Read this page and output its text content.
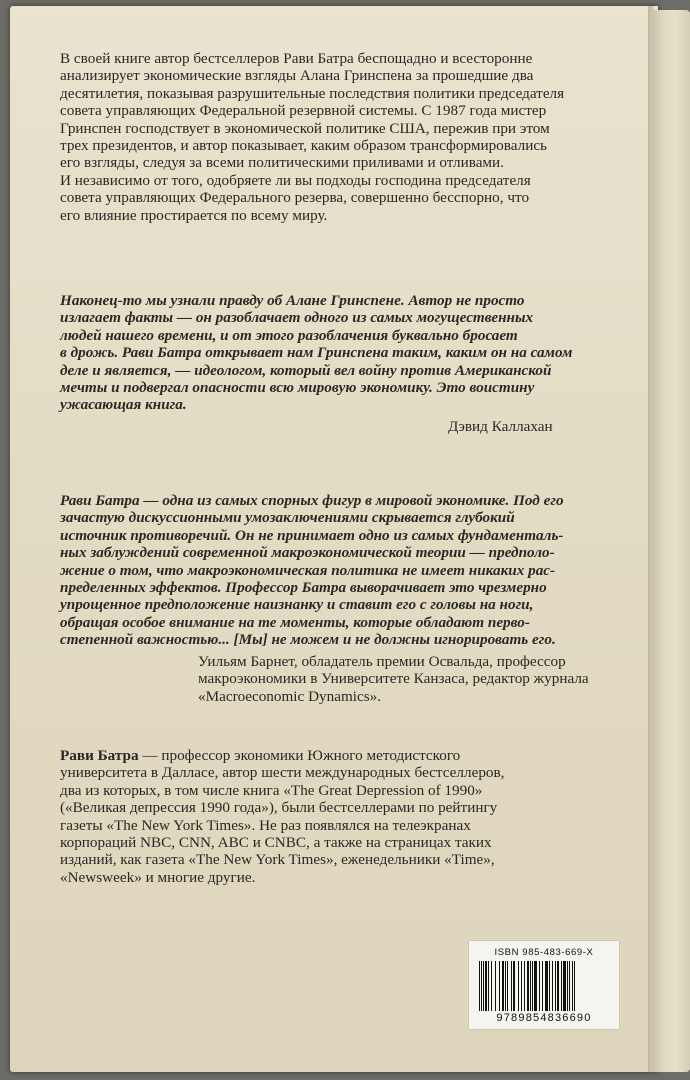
В своей книге автор бестселлеров Рави Батра беспощадно и всесторонне
анализирует экономические взгляды Алана Гринспена за прошедшие два
десятилетия, показывая разрушительные последствия политики председателя
совета управляющих Федеральной резервной системы. С 1987 года мистер
Гринспен господствует в экономической политике США, пережив при этом
трех президентов, и автор показывает, каким образом трансформировались
его взгляды, следуя за всеми политическими приливами и отливами.
И независимо от того, одобряете ли вы подходы господина председателя
совета управляющих Федерального резерва, совершенно бесспорно, что
его влияние простирается по всему миру.
Наконец-то мы узнали правду об Алане Гринспене. Автор не просто
излагает факты — он разоблачает одного из самых могущественных
людей нашего времени, и от этого разоблачения буквально бросает
в дрожь. Рави Батра открывает нам Гринспена таким, каким он на самом
деле и является, — идеологом, который вел войну против Американской
мечты и подвергал опасности всю мировую экономику. Это воистину
ужасающая книга.
Дэвид Каллахан
Рави Батра — одна из самых спорных фигур в мировой экономике. Под его
зачастую дискуссионными умозаключениями скрывается глубокий
источник противоречий. Он не принимает одно из самых фундаменталь-
ных заблуждений современной макроэкономической теории — предполо-
жение о том, что макроэкономическая политика не имеет никаких рас-
пределенных эффектов. Профессор Батра выворачивает это чрезмерно
упрощенное предположение наизнанку и ставит его с головы на ноги,
обращая особое внимание на те моменты, которые обладают перво-
степенной важностью... [Мы] не можем и не должны игнорировать его.
Уильям Барнет, обладатель премии Освальда, профессор
макроэкономики в Университете Канзаса, редактор журнала
«Macroeconomic Dynamics».
Рави Батра — профессор экономики Южного методистского
университета в Далласе, автор шести международных бестселлеров,
два из которых, в том числе книга «The Great Depression of 1990»
(«Великая депрессия 1990 года»), были бестселлерами по рейтингу
газеты «The New York Times». Не раз появлялся на телеэкранах
корпораций NBC, CNN, ABC и CNBC, а также на страницах таких
изданий, как газета «The New York Times», еженедельники «Time»,
«Newsweek» и многие другие.
ISBN 985-483-669-X
9789854836690
